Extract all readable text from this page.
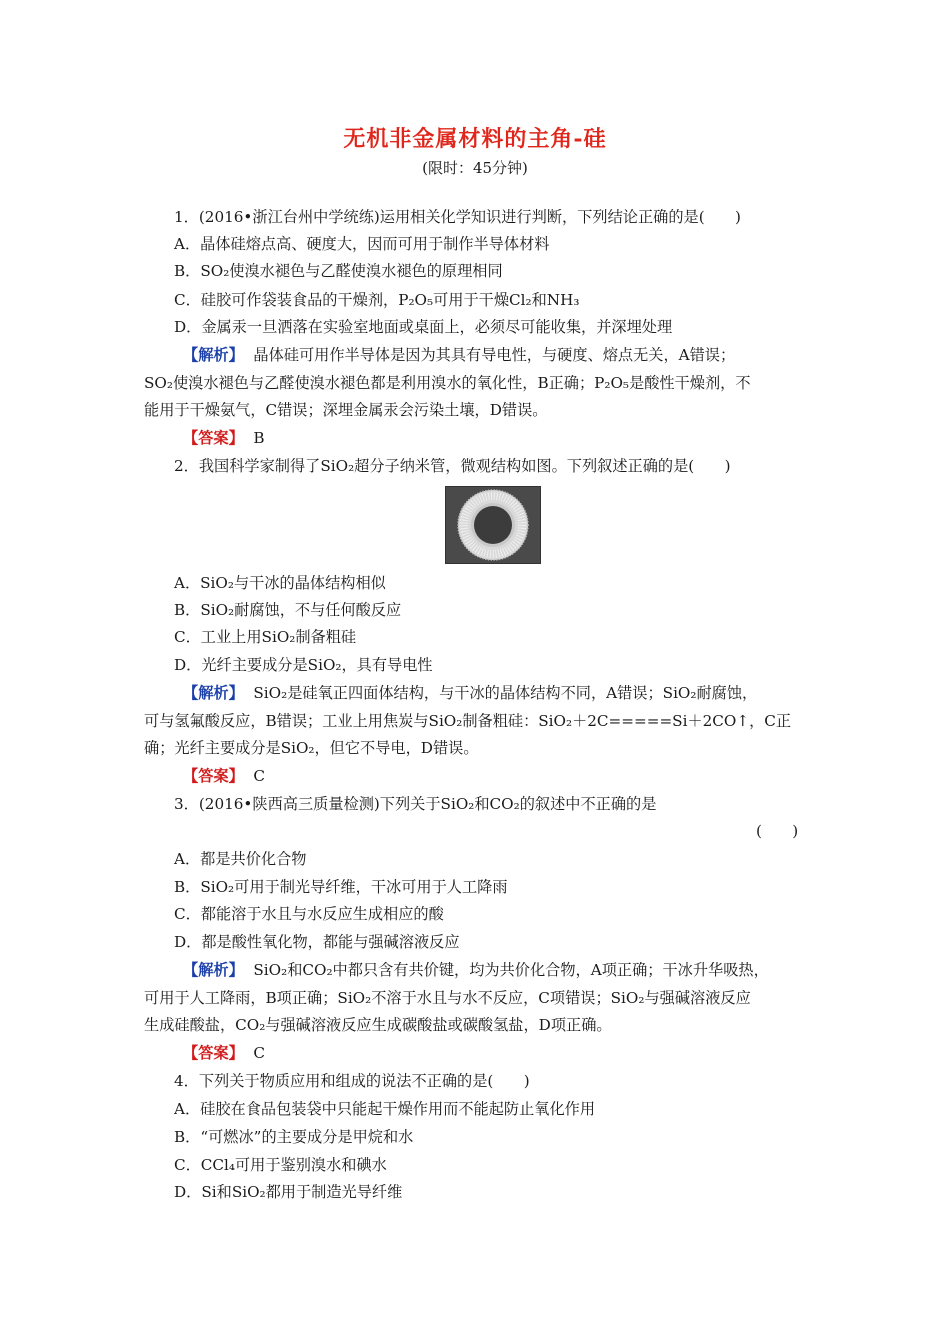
无机非金属材料的主角-硅
(限时：45分钟)
1．(2016•浙江台州中学统练)运用相关化学知识进行判断，下列结论正确的是(　　)
A．晶体硅熔点高、硬度大，因而可用于制作半导体材料
B．SO₂使溴水褪色与乙醛使溴水褪色的原理相同
C．硅胶可作袋装食品的干燥剂，P₂O₅可用于干燥Cl₂和NH₃
D．金属汞一旦洒落在实验室地面或桌面上，必须尽可能收集，并深埋处理
【解析】 晶体硅可用作半导体是因为其具有导电性，与硬度、熔点无关，A错误；
SO₂使溴水褪色与乙醛使溴水褪色都是利用溴水的氧化性，B正确；P₂O₅是酸性干燥剂，不
能用于干燥氨气，C错误；深埋金属汞会污染土壤，D错误。
【答案】 B
2．我国科学家制得了SiO₂超分子纳米管，微观结构如图。下列叙述正确的是(　　)
A．SiO₂与干冰的晶体结构相似
B．SiO₂耐腐蚀，不与任何酸反应
C．工业上用SiO₂制备粗硅
D．光纤主要成分是SiO₂，具有导电性
【解析】 SiO₂是硅氧正四面体结构，与干冰的晶体结构不同，A错误；SiO₂耐腐蚀，
可与氢氟酸反应，B错误；工业上用焦炭与SiO₂制备粗硅：SiO₂＋2C=====Si＋2CO↑，C正
确；光纤主要成分是SiO₂，但它不导电，D错误。
【答案】 C
3．(2016•陕西高三质量检测)下列关于SiO₂和CO₂的叙述中不正确的是
(　　)
A．都是共价化合物
B．SiO₂可用于制光导纤维，干冰可用于人工降雨
C．都能溶于水且与水反应生成相应的酸
D．都是酸性氧化物，都能与强碱溶液反应
【解析】 SiO₂和CO₂中都只含有共价键，均为共价化合物，A项正确；干冰升华吸热，
可用于人工降雨，B项正确；SiO₂不溶于水且与水不反应，C项错误；SiO₂与强碱溶液反应
生成硅酸盐，CO₂与强碱溶液反应生成碳酸盐或碳酸氢盐，D项正确。
【答案】 C
4．下列关于物质应用和组成的说法不正确的是(　　)
A．硅胶在食品包装袋中只能起干燥作用而不能起防止氧化作用
B．“可燃冰”的主要成分是甲烷和水
C．CCl₄可用于鉴别溴水和碘水
D．Si和SiO₂都用于制造光导纤维
